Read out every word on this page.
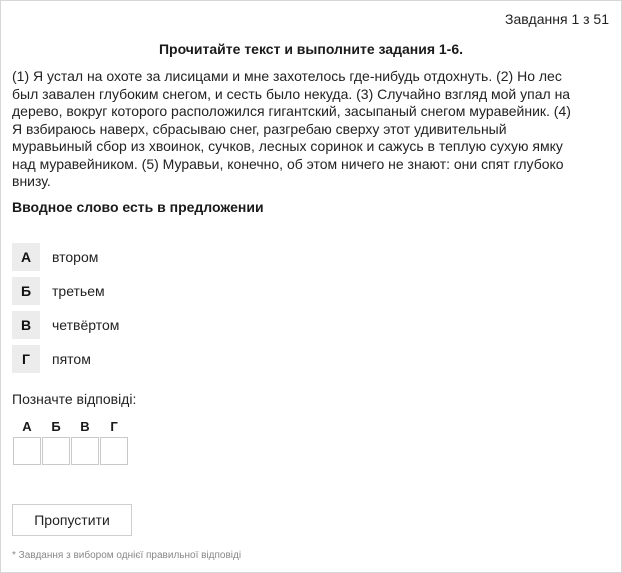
Завдання 1 з 51
Прочитайте текст и выполните задания 1-6.
(1) Я устал на охоте за лисицами и мне захотелось где-нибудь отдохнуть. (2) Но лес
был завален глубоким снегом, и сесть было некуда. (3) Случайно взгляд мой упал на
дерево, вокруг которого расположился гигантский, засыпаный снегом муравейник. (4)
Я взбираюсь наверх, сбрасываю снег, разгребаю сверху этот удивительный
муравьиный сбор из хвоинок, сучков, лесных соринок и сажусь в теплую сухую ямку
над муравейником. (5) Муравьи, конечно, об этом ничего не знают: они спят глубоко
внизу.
Вводное слово есть в предложении
А	втором
Б	третьем
В	четвёртом
Г	пятом
Позначте відповіді:
А	Б	В	Г
Пропустити
* Завдання з вибором однієї правильної відповіді
